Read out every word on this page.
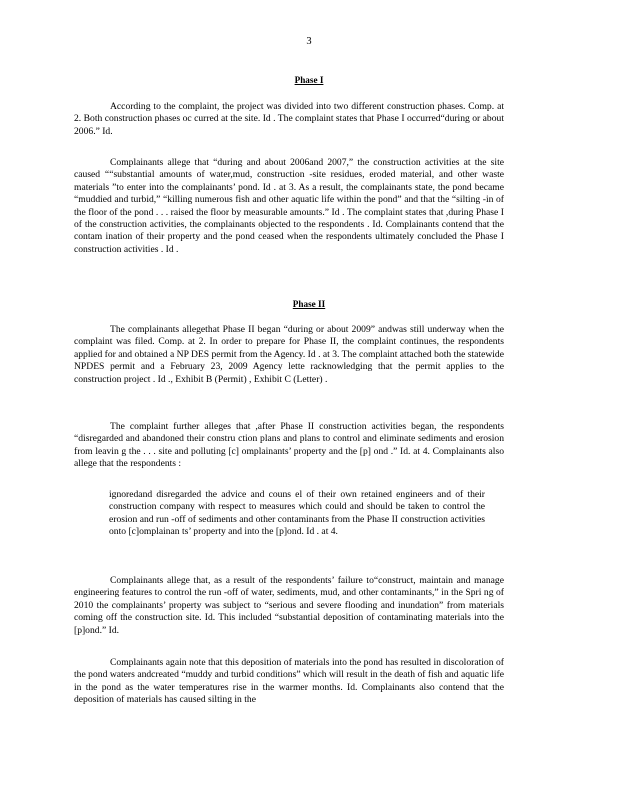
3
Phase I

According to the complaint, the project was divided into two different construction phases. Comp. at 2. Both construction phases oc curred at the site. Id . The complaint states that Phase I occurred“during or about 2006.” Id.

Complainants allege that “during and about 2006and 2007,” the construction activities at the site caused ““substantial amounts of water,mud, construction -site residues, eroded material, and other waste materials ”to enter into the complainants’ pond. Id . at 3. As a result, the complainants state, the pond became “muddied and turbid,” “killing numerous fish and other aquatic life within the pond” and that the “silting -in of the floor of the pond . . . raised the floor by measurable amounts.” Id . The complaint states that ,during Phase I of the construction activities, the complainants objected to the respondents . Id. Complainants contend that the contam ination of their property and the pond ceased when the respondents ultimately concluded the Phase I construction activities . Id .

Phase II

The complainants allegethat Phase II began “during or about 2009” andwas still underway when the complaint was filed. Comp. at 2. In order to prepare for Phase II, the complaint continues, the respondents applied for and obtained a NP DES permit from the Agency. Id . at 3. The complaint attached both the statewide NPDES permit and a February 23, 2009 Agency lette racknowledging that the permit applies to the construction project . Id ., Exhibit B (Permit) , Exhibit C (Letter) .

The complaint further alleges that ,after Phase II construction activities began, the respondents “disregarded and abandoned their constru ction plans and plans to control and eliminate sediments and erosion from leavin g the . . . site and polluting [c] omplainants’ property and the [p] ond .” Id. at 4. Complainants also allege that the respondents :

ignoredand disregarded the advice and couns el of their own retained engineers and of their construction company with respect to measures which could and should be taken to control the erosion and run -off of sediments and other contaminants from the Phase II construction activities onto [c]omplainan ts’ property and into the [p]ond. Id . at 4.

Complainants allege that, as a result of the respondents’ failure to“construct, maintain and manage engineering features to control the run -off of water, sediments, mud, and other contaminants,” in the Spri ng of 2010 the complainants’ property was subject to “serious and severe flooding and inundation” from materials coming off the construction site. Id. This included “substantial deposition of contaminating materials into the [p]ond.” Id.

Complainants again note that this deposition of materials into the pond has resulted in discoloration of the pond waters andcreated “muddy and turbid conditions” which will result in the death of fish and aquatic life in the pond as the water temperatures rise in the warmer months. Id. Complainants also contend that the deposition of materials has caused silting in the
